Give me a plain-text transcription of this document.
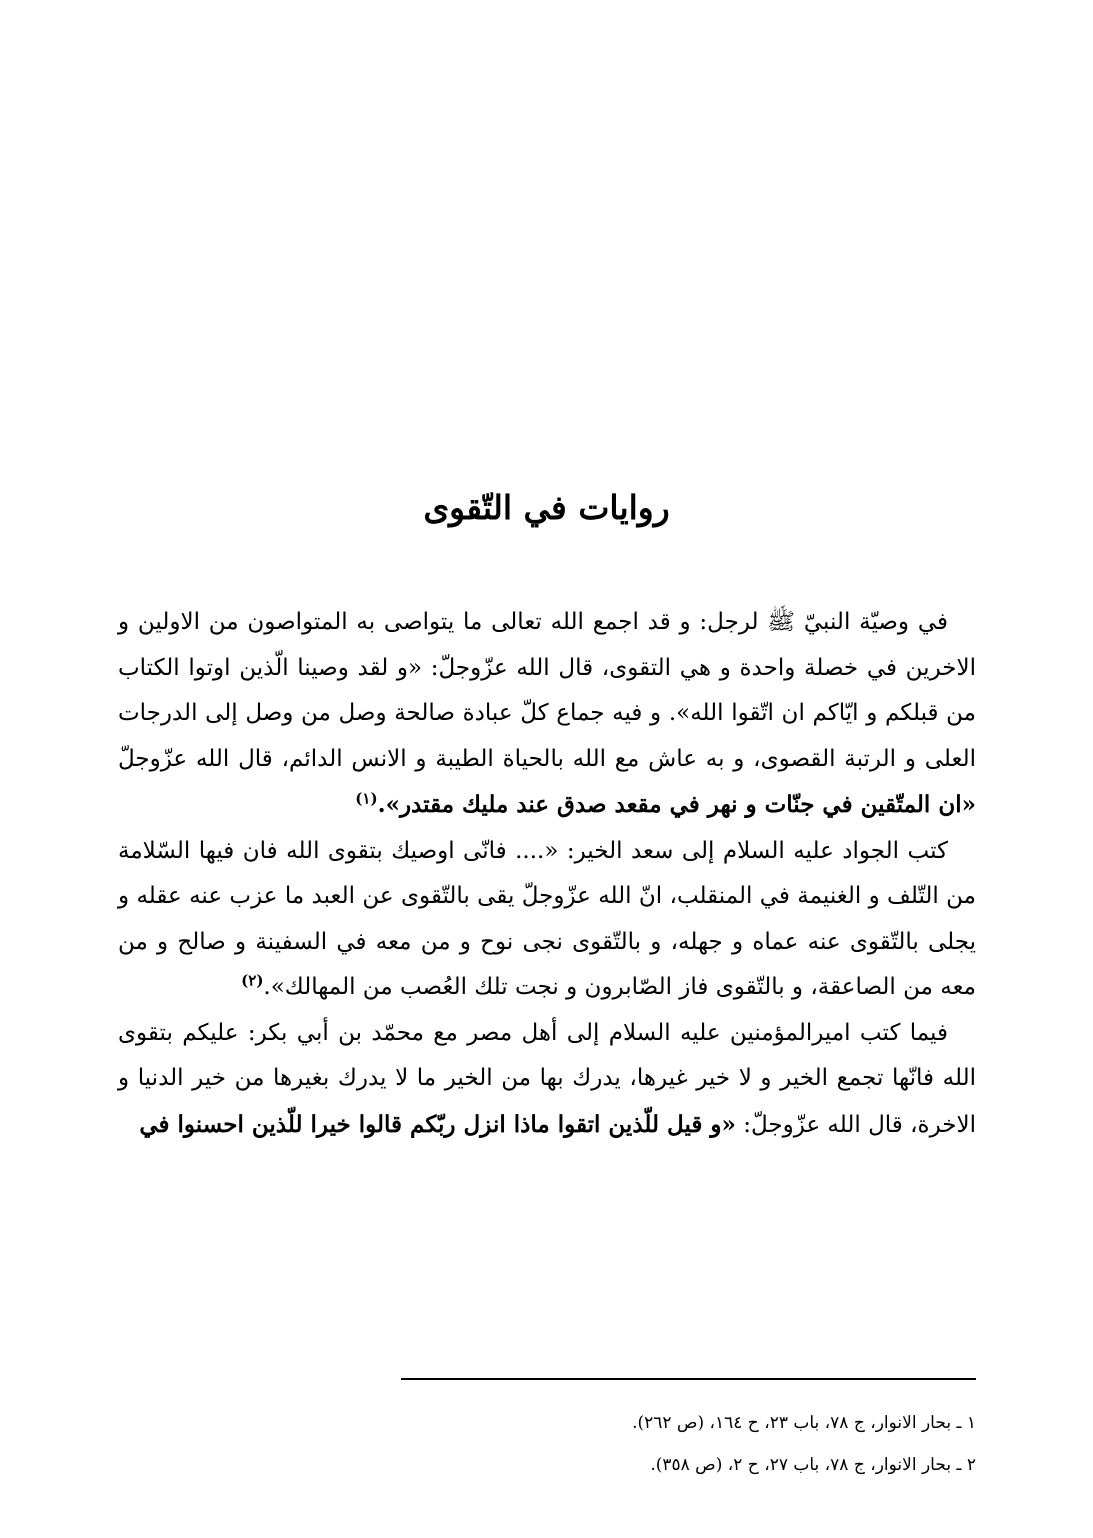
روايات في التّقوى

في وصيّة النبيّ ﷺ لرجل: و قد اجمع الله تعالى ما يتواصى به المتواصون من الاولين و الاخرين في خصلة واحدة و هي التقوى، قال الله عزّوجلّ: «و لقد وصينا الّذين اوتوا الكتاب من قبلكم و ايّاكم ان اتّقوا الله». و فيه جماع كلّ عبادة صالحة وصل من وصل إلى الدرجات العلى و الرتبة القصوى، و به عاش مع الله بالحياة الطيبة و الانس الدائم، قال الله عزّوجلّ «ان المتّقين في جنّات و نهر في مقعد صدق عند مليك مقتدر».$^{(١)}$

كتب الجواد عليه السلام إلى سعد الخير: «.... فانّى اوصيك بتقوى الله فان فيها السّلامة من التّلف و الغنيمة في المنقلب، انّ الله عزّوجلّ يقى بالتّقوى عن العبد ما عزب عنه عقله و يجلى بالتّقوى عنه عماه و جهله، و بالتّقوى نجى نوح و من معه في السفينة و صالح و من معه من الصاعقة، و بالتّقوى فاز الصّابرون و نجت تلك العُصب من المهالك».$^{(٢)}$

فيما كتب اميرالمؤمنين عليه السلام إلى أهل مصر مع محمّد بن أبي بكر: عليكم بتقوى الله فانّها تجمع الخير و لا خير غيرها، يدرك بها من الخير ما لا يدرك بغيرها من خير الدنيا و الاخرة، قال الله عزّوجلّ: «و قيل للّذين اتقوا ماذا انزل ربّكم قالوا خيرا للّذين احسنوا في

١ ـ بحار الانوار، ج ٧٨، باب ٢٣، ح ١٦٤، (ص ٢٦٢).

٢ ـ بحار الانوار، ج ٧٨، باب ٢٧، ح ٢، (ص ٣٥٨).
